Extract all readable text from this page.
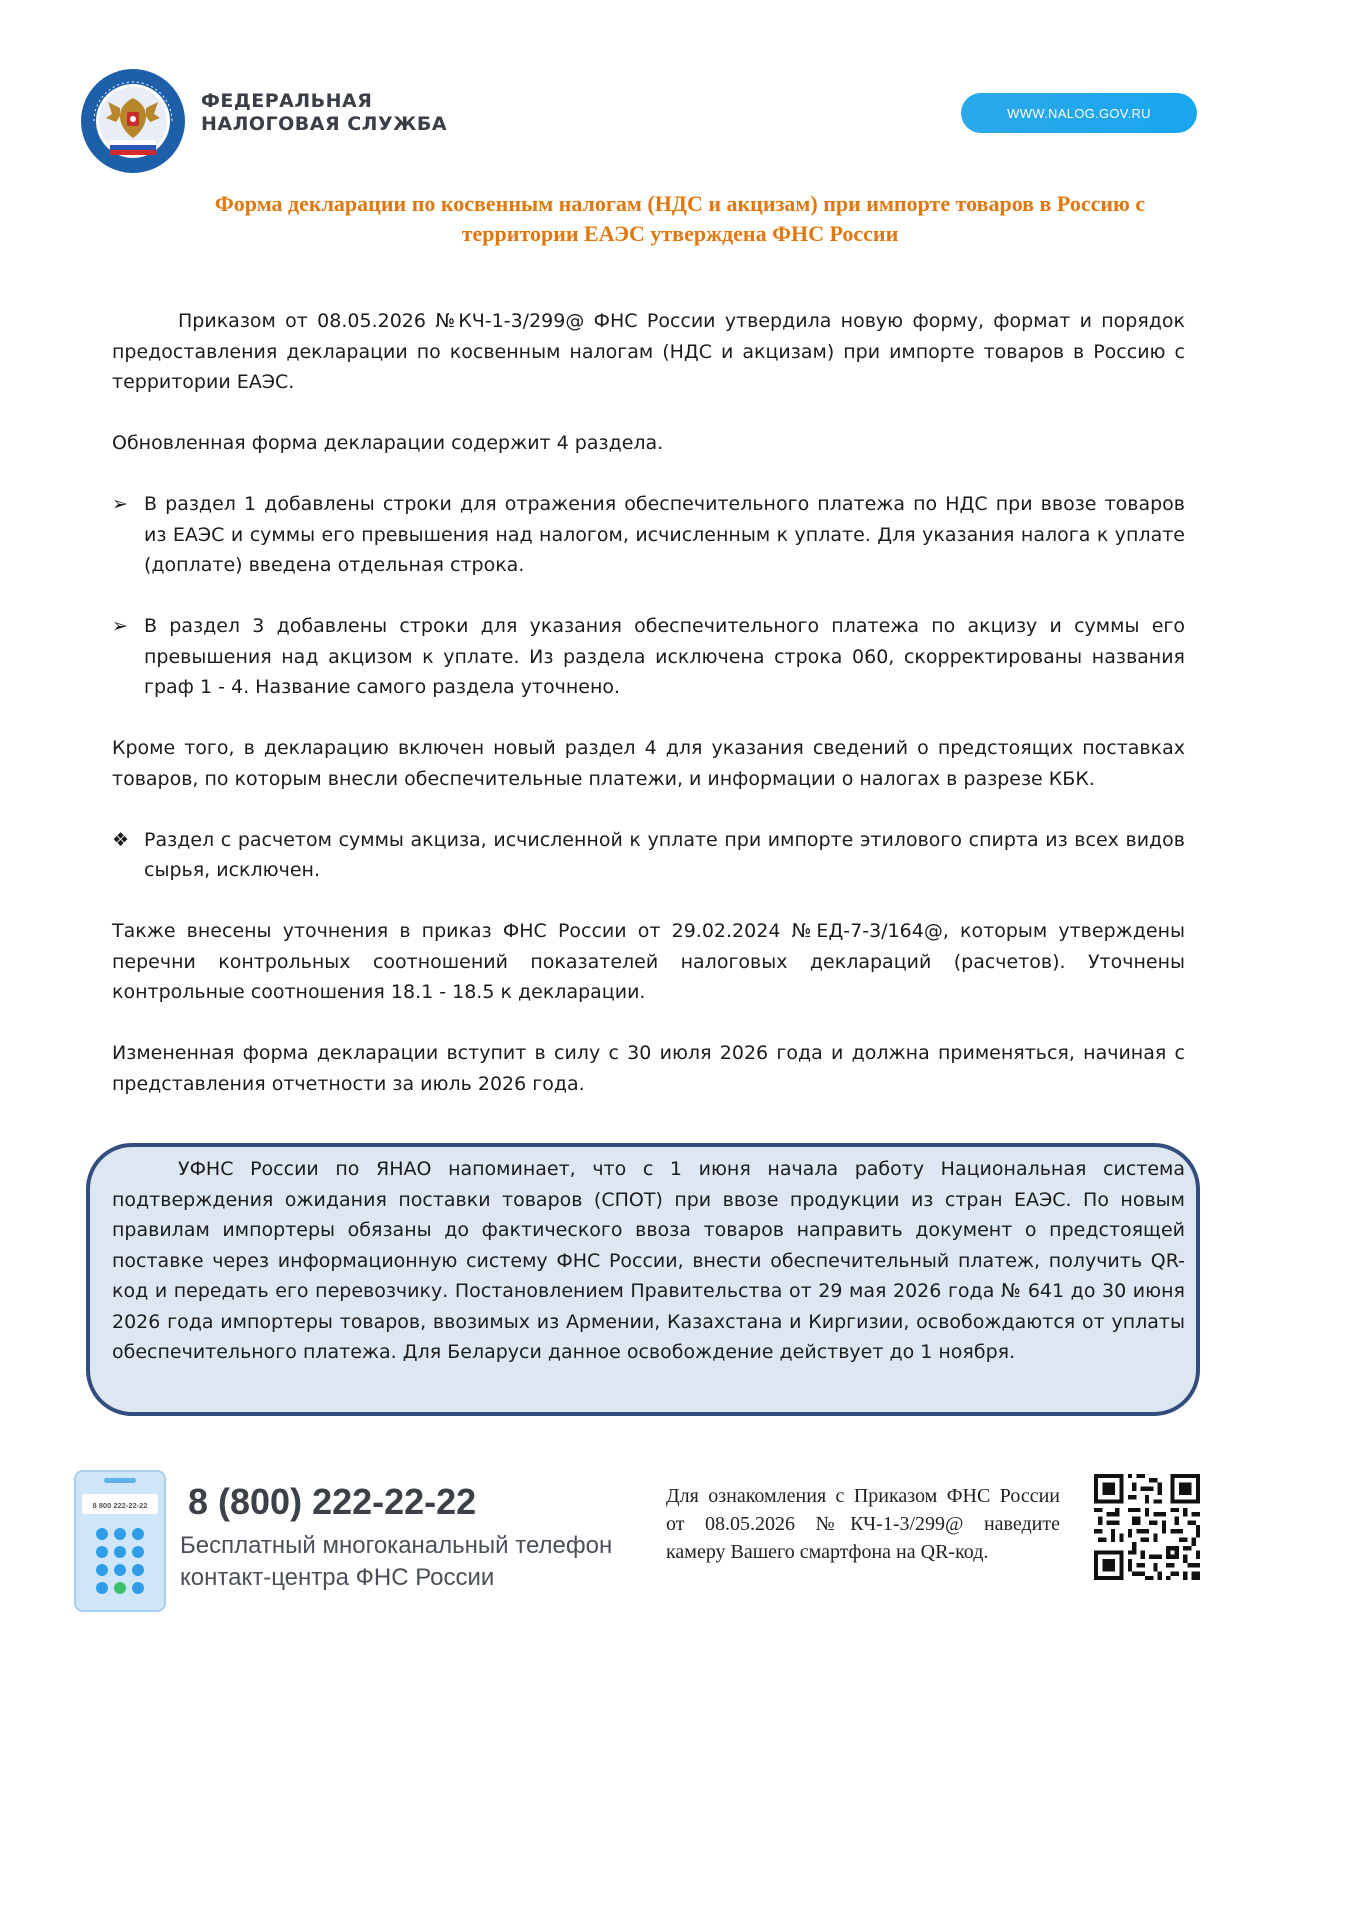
ФЕДЕРАЛЬНАЯ
НАЛОГОВАЯ СЛУЖБА	WWW.NALOG.GOV.RU
Форма декларации по косвенным налогам (НДС и акцизам) при импорте товаров в Россию с
территории ЕАЭС утверждена ФНС России

Приказом от 08.05.2026 №КЧ-1-3/299@ ФНС России утвердила новую форму, формат и порядок предоставления декларации по косвенным налогам (НДС и акцизам) при импорте товаров в Россию с территории ЕАЭС.

Обновленная форма декларации содержит 4 раздела.

➢ В раздел 1 добавлены строки для отражения обеспечительного платежа по НДС при ввозе товаров из ЕАЭС и суммы его превышения над налогом, исчисленным к уплате. Для указания налога к уплате (доплате) введена отдельная строка.
➢ В раздел 3 добавлены строки для указания обеспечительного платежа по акцизу и суммы его превышения над акцизом к уплате. Из раздела исключена строка 060, скорректированы названия граф 1 - 4. Название самого раздела уточнено.

Кроме того, в декларацию включен новый раздел 4 для указания сведений о предстоящих поставках товаров, по которым внесли обеспечительные платежи, и информации о налогах в разрезе КБК.

❖ Раздел с расчетом суммы акциза, исчисленной к уплате при импорте этилового спирта из всех видов сырья, исключен.

Также внесены уточнения в приказ ФНС России от 29.02.2024 №ЕД-7-3/164@, которым утверждены перечни контрольных соотношений показателей налоговых деклараций (расчетов). Уточнены контрольные соотношения 18.1 - 18.5 к декларации.

Измененная форма декларации вступит в силу с 30 июля 2026 года и должна применяться, начиная с представления отчетности за июль 2026 года.

УФНС России по ЯНАО напоминает, что с 1 июня начала работу Национальная система подтверждения ожидания поставки товаров (СПОТ) при ввозе продукции из стран ЕАЭС. По новым правилам импортеры обязаны до фактического ввоза товаров направить документ о предстоящей поставке через информационную систему ФНС России, внести обеспечительный платеж, получить QR-код и передать его перевозчику. Постановлением Правительства от 29 мая 2026 года № 641 до 30 июня 2026 года импортеры товаров, ввозимых из Армении, Казахстана и Киргизии, освобождаются от уплаты обеспечительного платежа. Для Беларуси данное освобождение действует до 1 ноября.
8 800 222-22-22 8 (800) 222-22-22
Бесплатный многоканальный телефон
контакт-центра ФНС России
Для ознакомления с Приказом ФНС России от 08.05.2026 №КЧ-1-3/299@ наведите камеру Вашего смартфона на QR-код.
